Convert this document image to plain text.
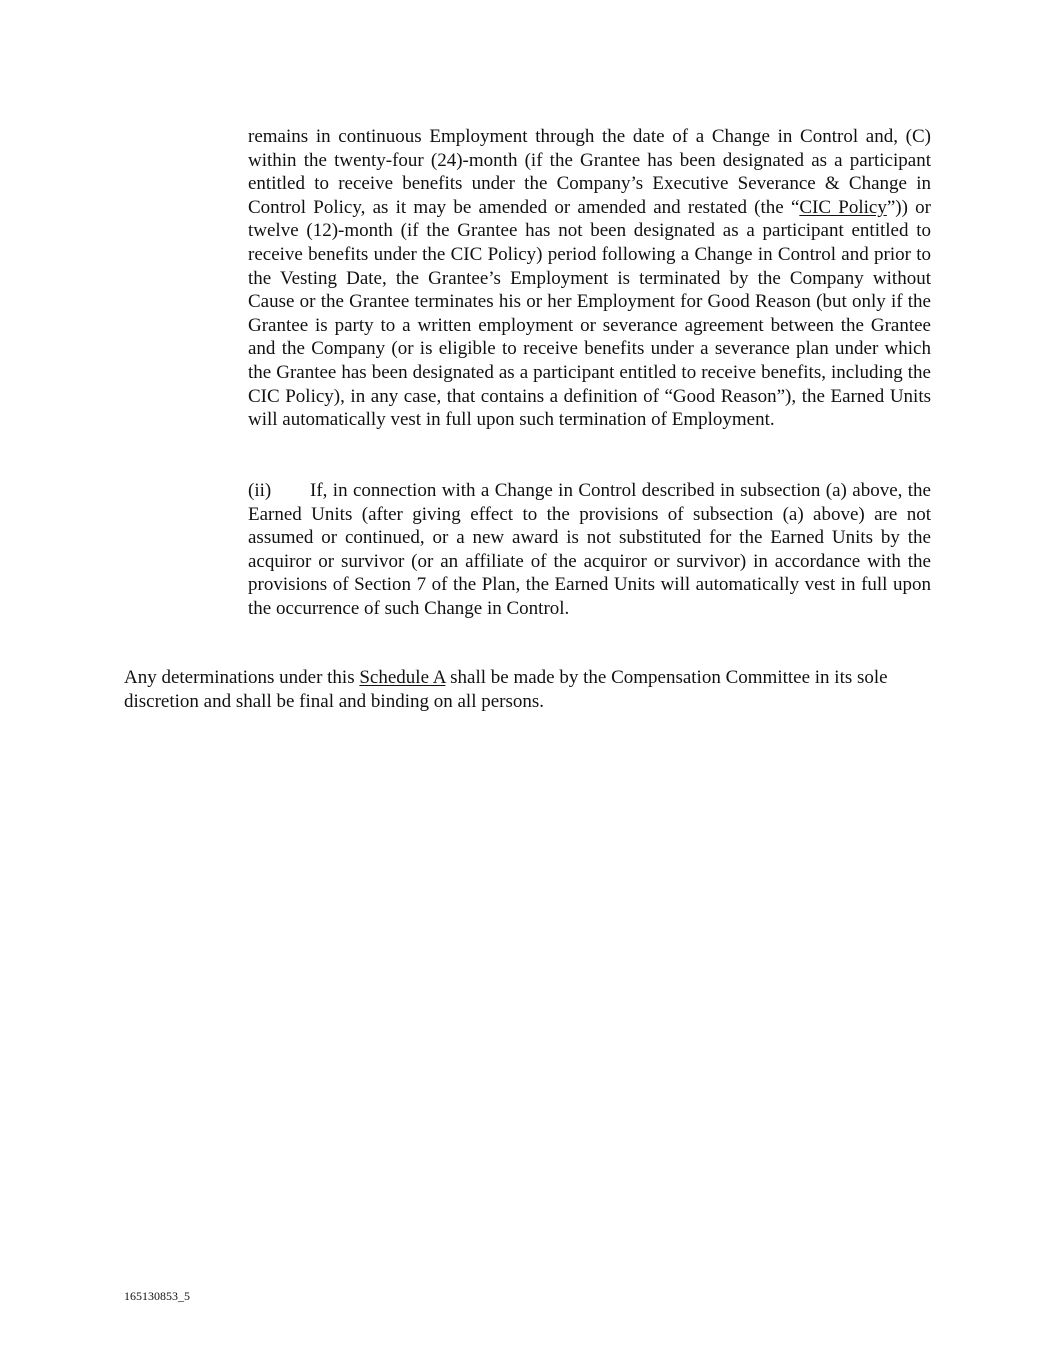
remains in continuous Employment through the date of a Change in Control and, (C) within the twenty-four (24)-month (if the Grantee has been designated as a participant entitled to receive benefits under the Company’s Executive Severance & Change in Control Policy, as it may be amended or amended and restated (the “CIC Policy”)) or twelve (12)-month (if the Grantee has not been designated as a participant entitled to receive benefits under the CIC Policy) period following a Change in Control and prior to the Vesting Date, the Grantee’s Employment is terminated by the Company without Cause or the Grantee terminates his or her Employment for Good Reason (but only if the Grantee is party to a written employment or severance agreement between the Grantee and the Company (or is eligible to receive benefits under a severance plan under which the Grantee has been designated as a participant entitled to receive benefits, including the CIC Policy), in any case, that contains a definition of “Good Reason”), the Earned Units will automatically vest in full upon such termination of Employment.

(ii) If, in connection with a Change in Control described in subsection (a) above, the Earned Units (after giving effect to the provisions of subsection (a) above) are not assumed or continued, or a new award is not substituted for the Earned Units by the acquiror or survivor (or an affiliate of the acquiror or survivor) in accordance with the provisions of Section 7 of the Plan, the Earned Units will automatically vest in full upon the occurrence of such Change in Control.

Any determinations under this Schedule A shall be made by the Compensation Committee in its sole discretion and shall be final and binding on all persons.

165130853_5
